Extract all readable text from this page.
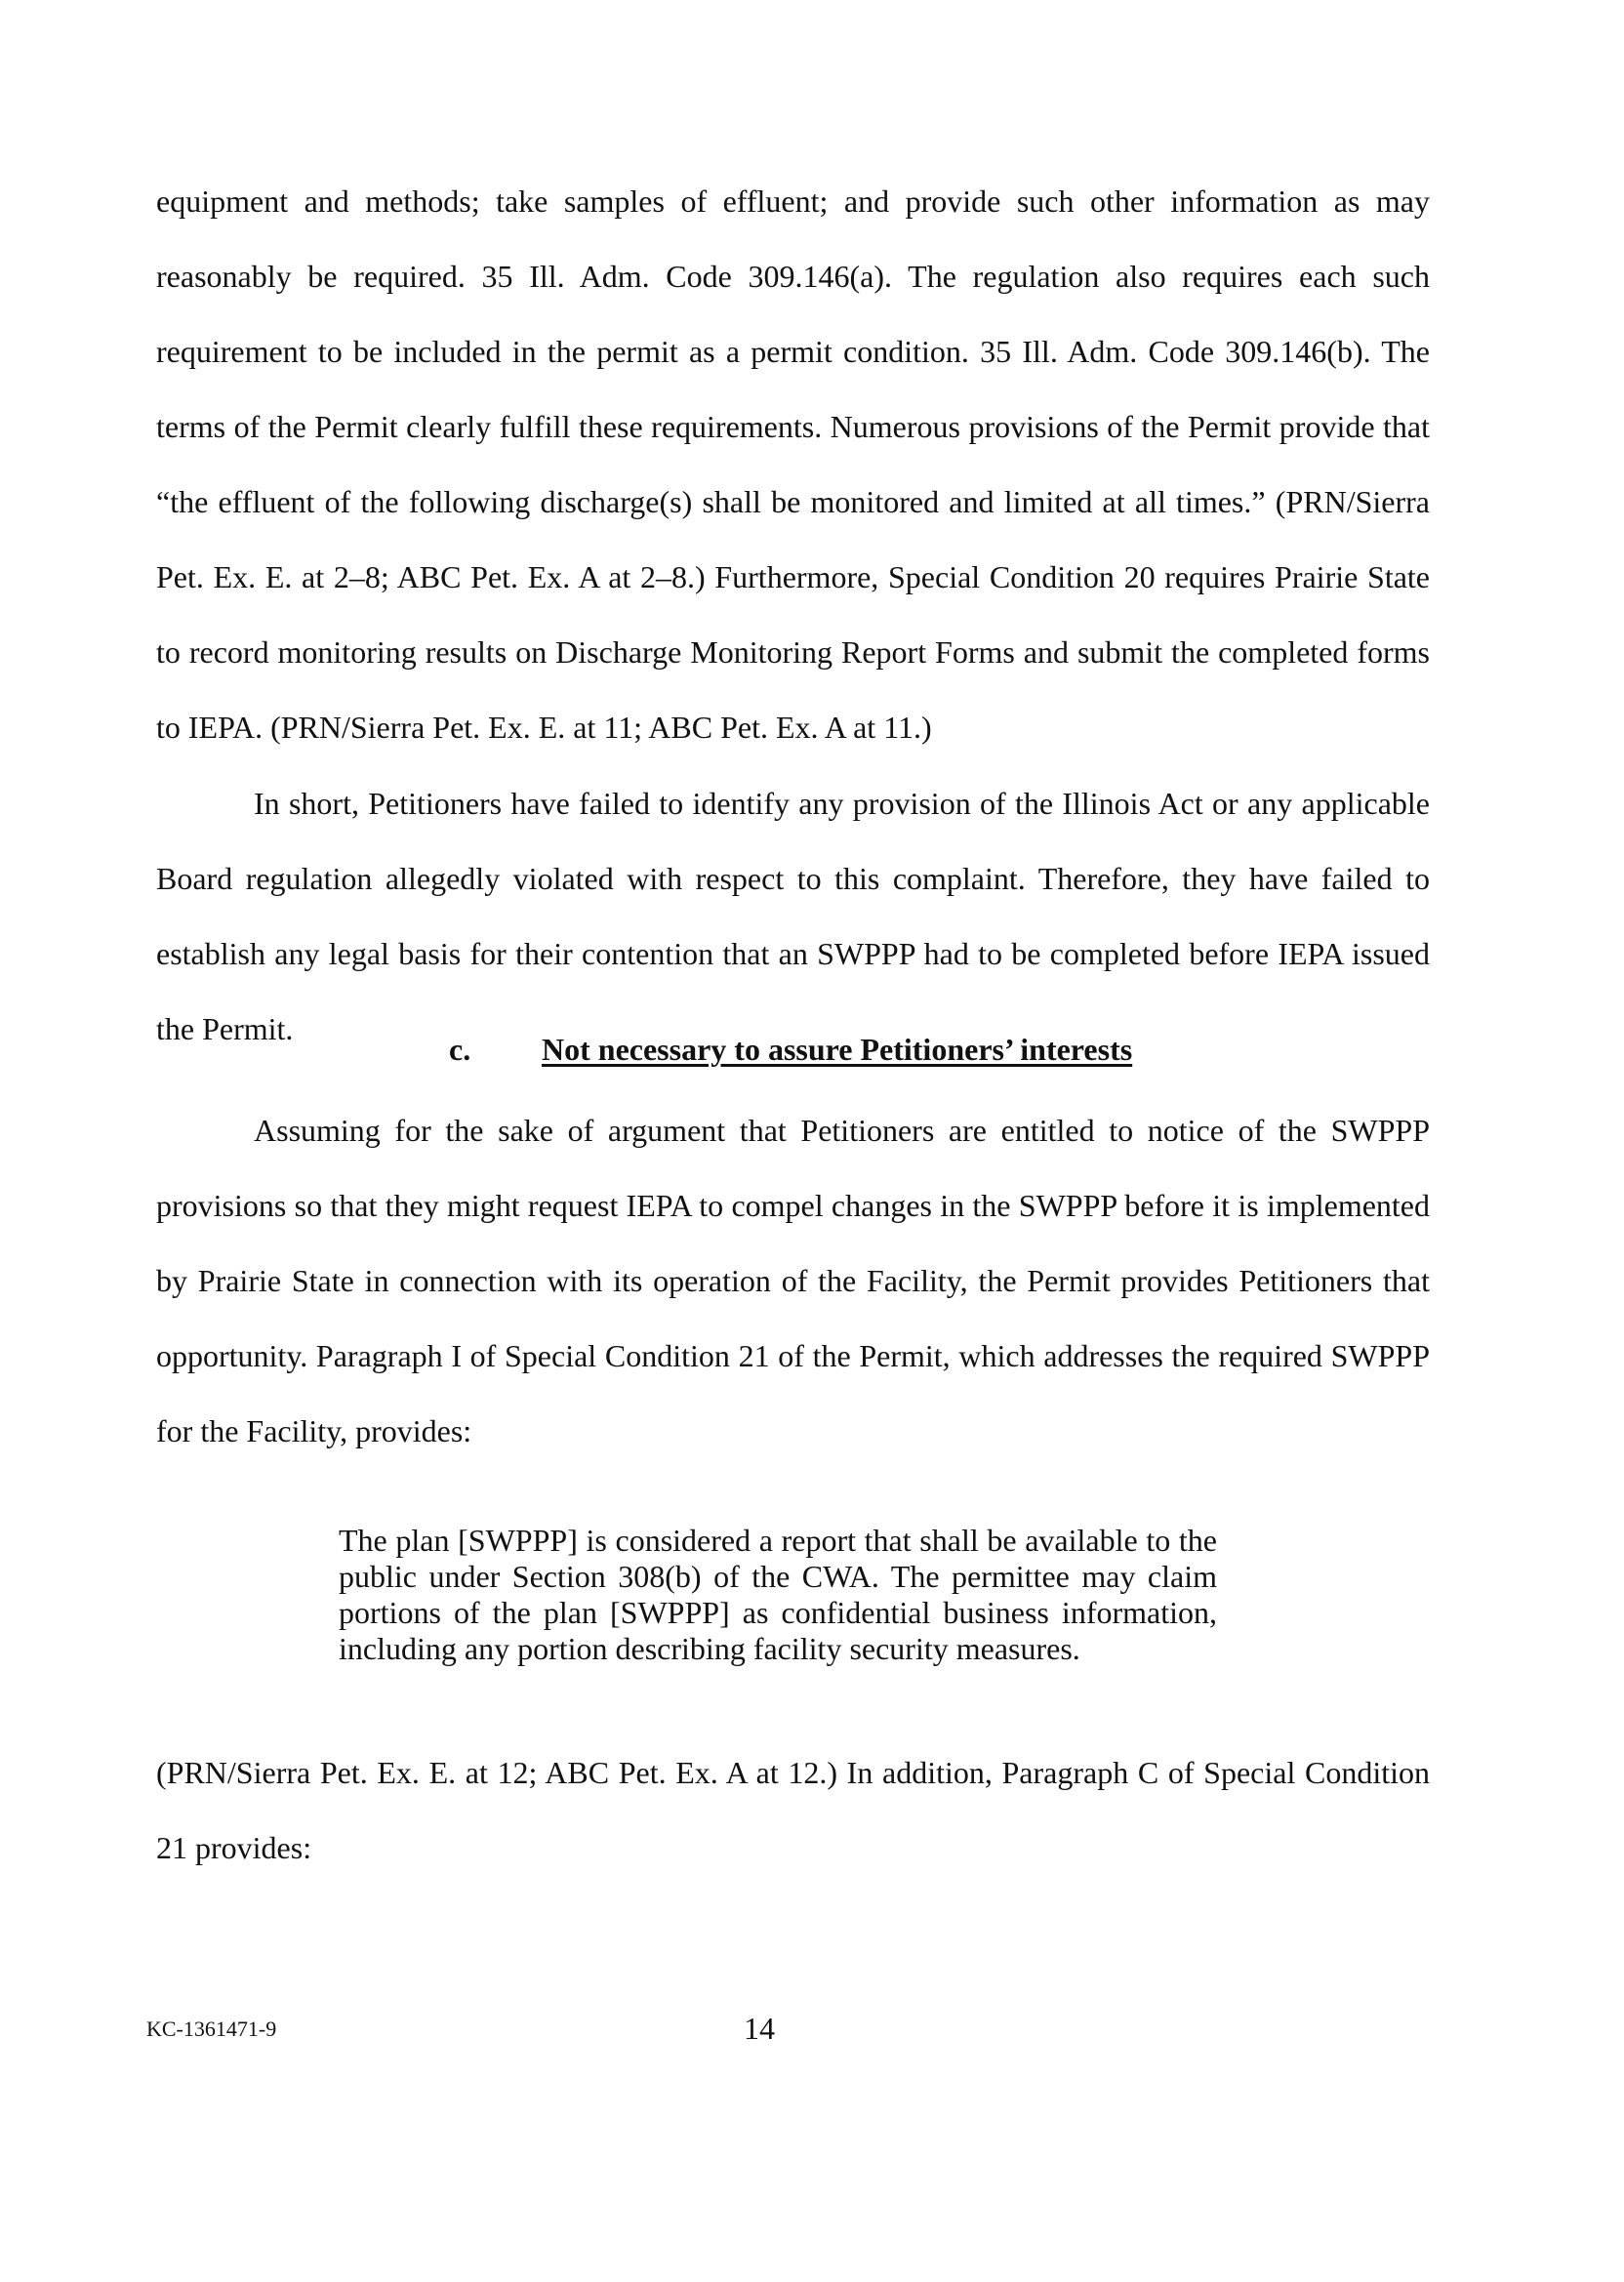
equipment and methods; take samples of effluent; and provide such other information as may reasonably be required. 35 Ill. Adm. Code 309.146(a). The regulation also requires each such requirement to be included in the permit as a permit condition. 35 Ill. Adm. Code 309.146(b). The terms of the Permit clearly fulfill these requirements. Numerous provisions of the Permit provide that “the effluent of the following discharge(s) shall be monitored and limited at all times.” (PRN/Sierra Pet. Ex. E. at 2–8; ABC Pet. Ex. A at 2–8.) Furthermore, Special Condition 20 requires Prairie State to record monitoring results on Discharge Monitoring Report Forms and submit the completed forms to IEPA. (PRN/Sierra Pet. Ex. E. at 11; ABC Pet. Ex. A at 11.)

In short, Petitioners have failed to identify any provision of the Illinois Act or any applicable Board regulation allegedly violated with respect to this complaint. Therefore, they have failed to establish any legal basis for their contention that an SWPPP had to be completed before IEPA issued the Permit.

c. Not necessary to assure Petitioners’ interests

Assuming for the sake of argument that Petitioners are entitled to notice of the SWPPP provisions so that they might request IEPA to compel changes in the SWPPP before it is implemented by Prairie State in connection with its operation of the Facility, the Permit provides Petitioners that opportunity. Paragraph I of Special Condition 21 of the Permit, which addresses the required SWPPP for the Facility, provides:

The plan [SWPPP] is considered a report that shall be available to the public under Section 308(b) of the CWA. The permittee may claim portions of the plan [SWPPP] as confidential business information, including any portion describing facility security measures.

(PRN/Sierra Pet. Ex. E. at 12; ABC Pet. Ex. A at 12.) In addition, Paragraph C of Special Condition 21 provides:

KC-1361471-9	14
